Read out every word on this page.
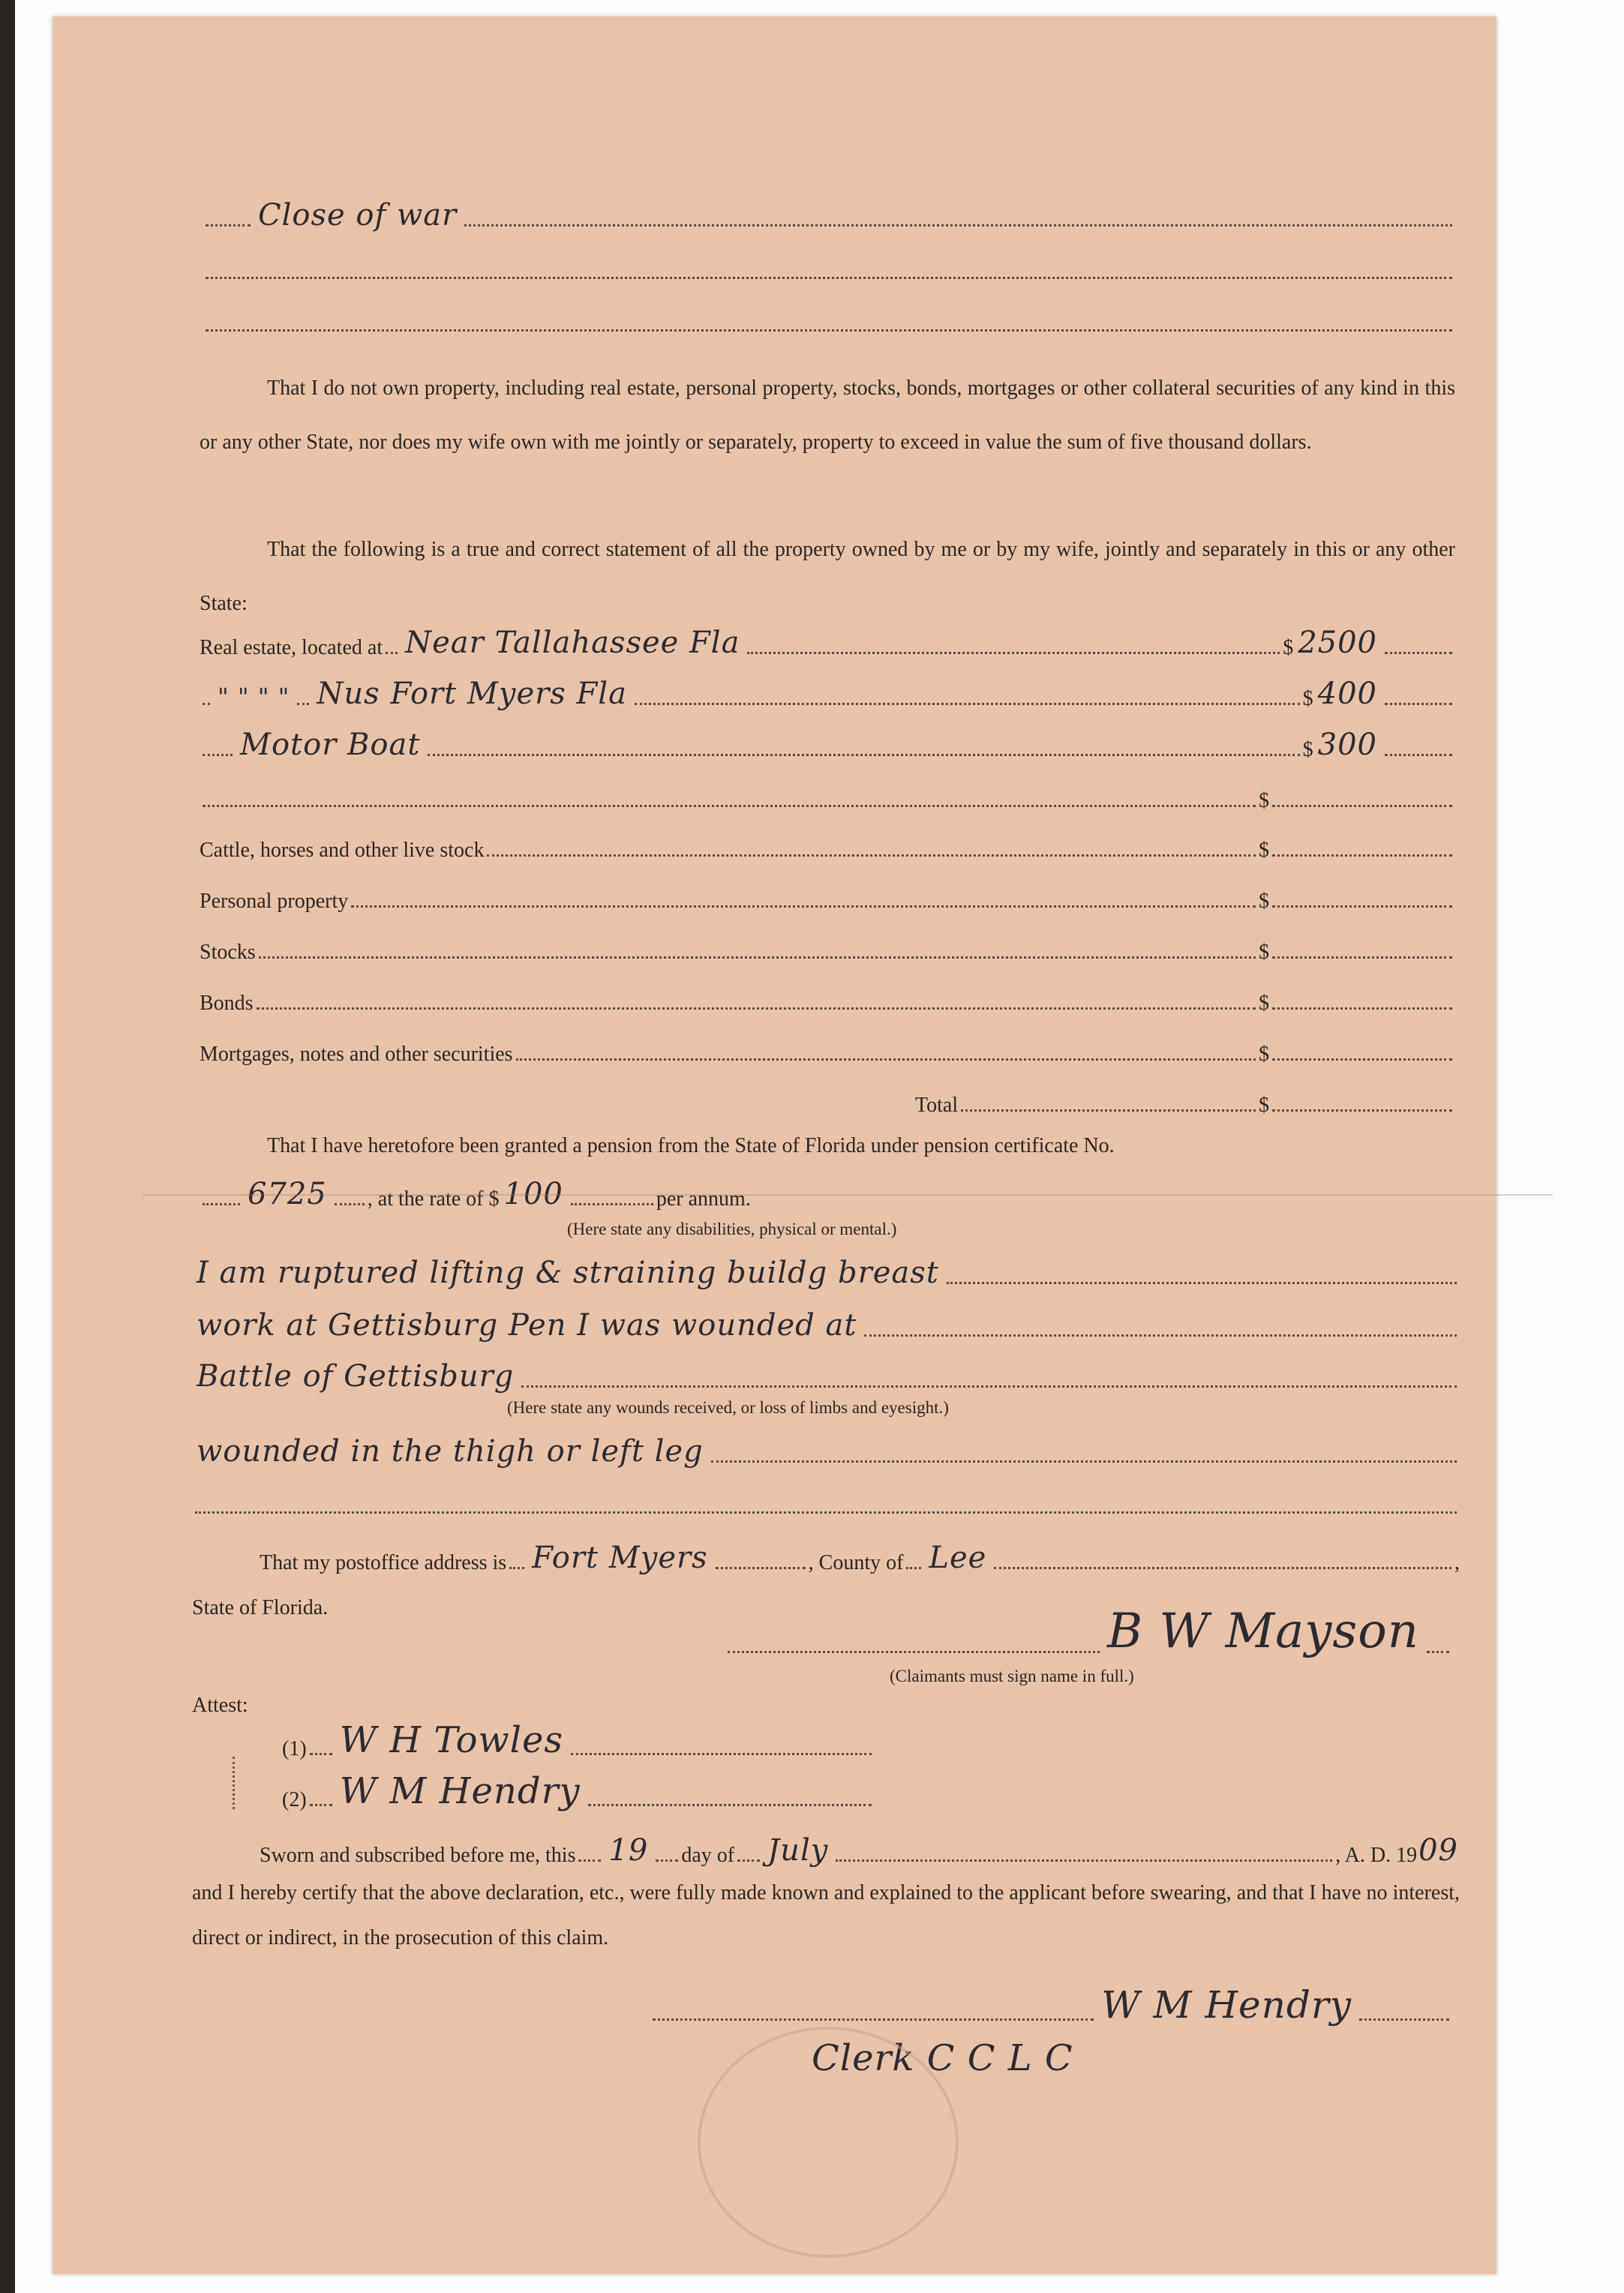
Close of war
That I do not own property, including real estate, personal property, stocks, bonds, mortgages or other collateral securities of any kind in this or any other State, nor does my wife own with me jointly or separately, property to exceed in value the sum of five thousand dollars.
That the following is a true and correct statement of all the property owned by me or by my wife, jointly and separately in this or any other State:
Real estate, located at Near Tallahassee Fla	$ 2500
" " " " Nus Fort Myers Fla	$ 400
Motor Boat	$ 300
$
Cattle, horses and other live stock	$
Personal property	$
Stocks	$
Bonds	$
Mortgages, notes and other securities	$
Total	$
That I have heretofore been granted a pension from the State of Florida under pension certificate No.
6725 , at the rate of $ 100	per annum.
(Here state any disabilities, physical or mental.)
I am ruptured lifting & straining buildg breast
work at Gettisburg Pen I was wounded at
Battle of Gettisburg
(Here state any wounds received, or loss of limbs and eyesight.)
wounded in the thigh or left leg
That my postoffice address is Fort Myers	, County of Lee	,
State of Florida.	B W Mayson
(Claimants must sign name in full.)
Attest:
(1) W H Towles
(2) W M Hendry
Sworn and subscribed before me, this 19 day of July	, A. D. 19 09
and I hereby certify that the above declaration, etc., were fully made known and explained to the applicant before swearing, and that I have no interest, direct or indirect, in the prosecution of this claim.
W M Hendry
Clerk C C L C
